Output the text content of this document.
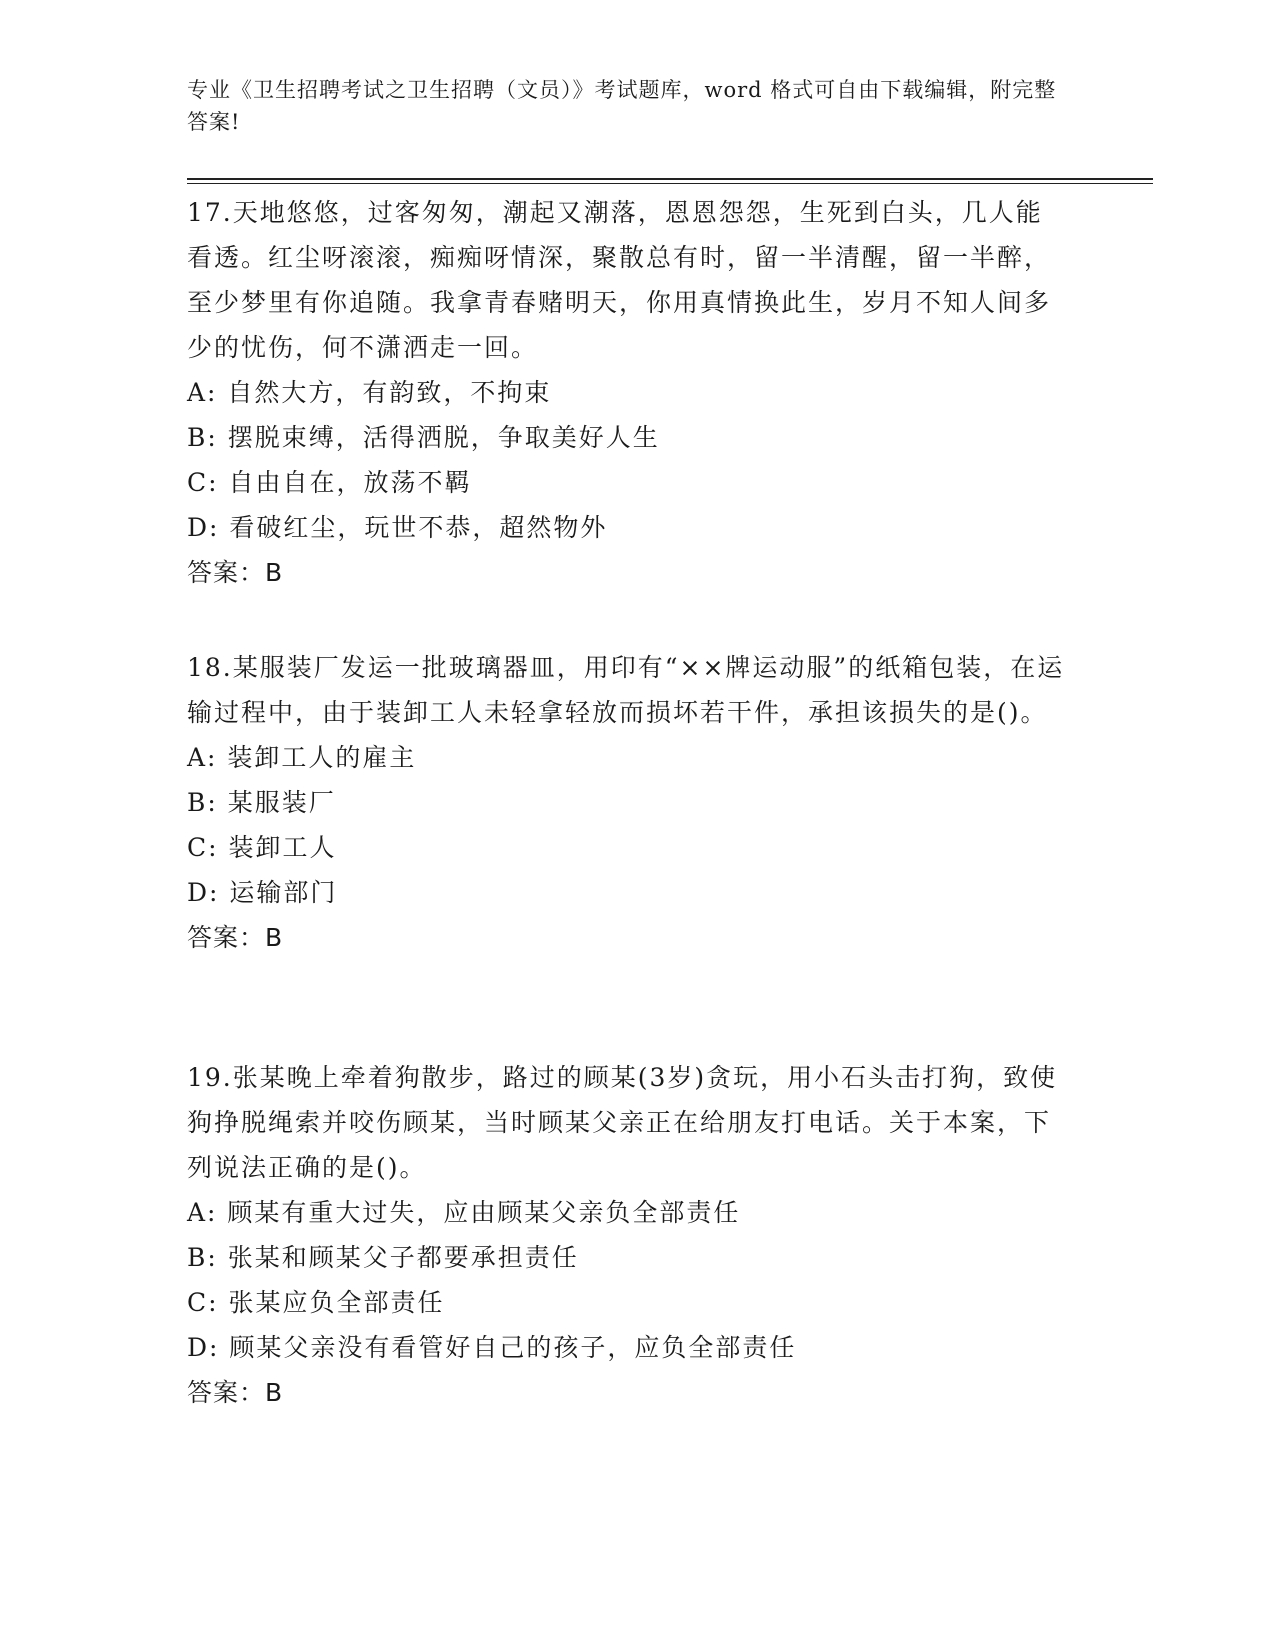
专业《卫生招聘考试之卫生招聘（文员）》考试题库，word 格式可自由下载编辑，附完整答案!

17.天地悠悠，过客匆匆，潮起又潮落，恩恩怨怨，生死到白头，几人能看透。红尘呀滚滚，痴痴呀情深，聚散总有时，留一半清醒，留一半醉，至少梦里有你追随。我拿青春赌明天，你用真情换此生，岁月不知人间多少的忧伤，何不潇洒走一回。

A: 自然大方，有韵致，不拘束

B: 摆脱束缚，活得洒脱，争取美好人生

C: 自由自在，放荡不羁

D: 看破红尘，玩世不恭，超然物外

答案：B

18.某服装厂发运一批玻璃器皿，用印有“××牌运动服”的纸箱包装，在运输过程中，由于装卸工人未轻拿轻放而损坏若干件，承担该损失的是()。

A: 装卸工人的雇主

B: 某服装厂

C: 装卸工人

D: 运输部门

答案：B

19.张某晚上牵着狗散步，路过的顾某(3岁)贪玩，用小石头击打狗，致使狗挣脱绳索并咬伤顾某，当时顾某父亲正在给朋友打电话。关于本案，下列说法正确的是()。

A: 顾某有重大过失，应由顾某父亲负全部责任

B: 张某和顾某父子都要承担责任

C: 张某应负全部责任

D: 顾某父亲没有看管好自己的孩子，应负全部责任

答案：B
